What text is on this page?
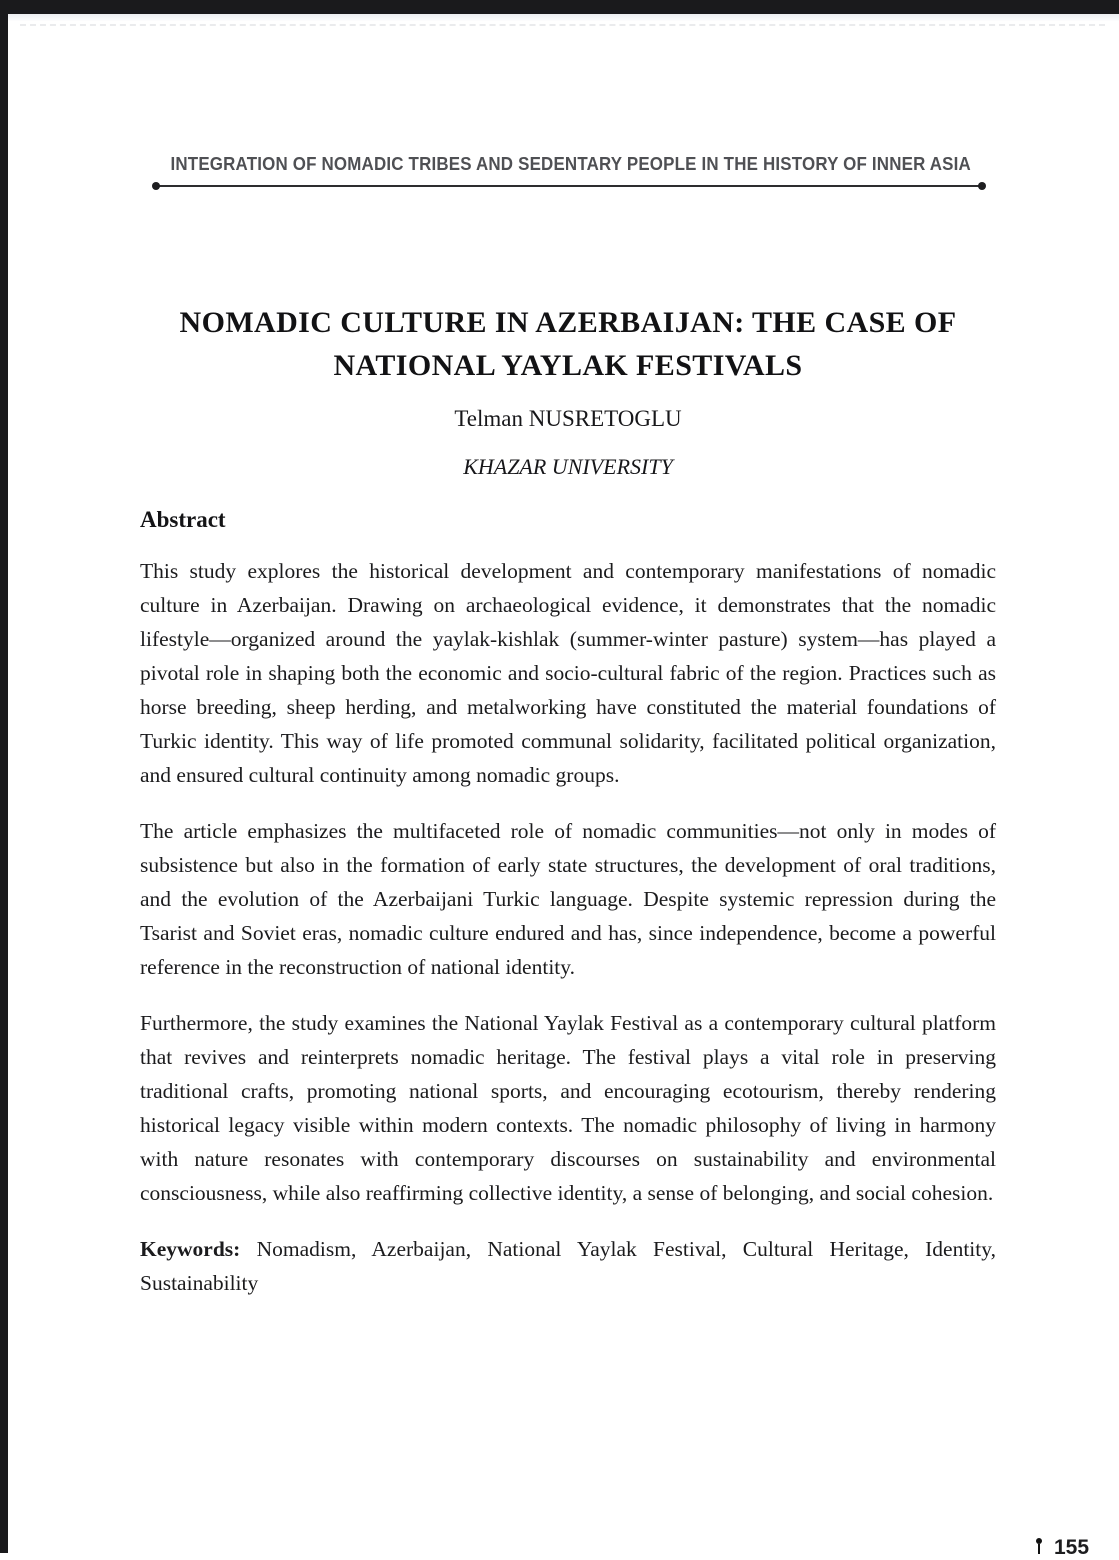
INTEGRATION OF NOMADIC TRIBES AND SEDENTARY PEOPLE IN THE HISTORY OF INNER ASIA
NOMADIC CULTURE IN AZERBAIJAN: THE CASE OF NATIONAL YAYLAK FESTIVALS
Telman NUSRETOGLU
KHAZAR UNIVERSITY
Abstract

This study explores the historical development and contemporary manifestations of nomadic culture in Azerbaijan. Drawing on archaeological evidence, it demonstrates that the nomadic lifestyle—organized around the yaylak-kishlak (summer-winter pasture) system—has played a pivotal role in shaping both the economic and socio-cultural fabric of the region. Practices such as horse breeding, sheep herding, and metalworking have constituted the material foundations of Turkic identity. This way of life promoted communal solidarity, facilitated political organization, and ensured cultural continuity among nomadic groups.

The article emphasizes the multifaceted role of nomadic communities—not only in modes of subsistence but also in the formation of early state structures, the development of oral traditions, and the evolution of the Azerbaijani Turkic language. Despite systemic repression during the Tsarist and Soviet eras, nomadic culture endured and has, since independence, become a powerful reference in the reconstruction of national identity.

Furthermore, the study examines the National Yaylak Festival as a contemporary cultural platform that revives and reinterprets nomadic heritage. The festival plays a vital role in preserving traditional crafts, promoting national sports, and encouraging ecotourism, thereby rendering historical legacy visible within modern contexts. The nomadic philosophy of living in harmony with nature resonates with contemporary discourses on sustainability and environmental consciousness, while also reaffirming collective identity, a sense of belonging, and social cohesion.

Keywords: Nomadism, Azerbaijan, National Yaylak Festival, Cultural Heritage, Identity, Sustainability

155
